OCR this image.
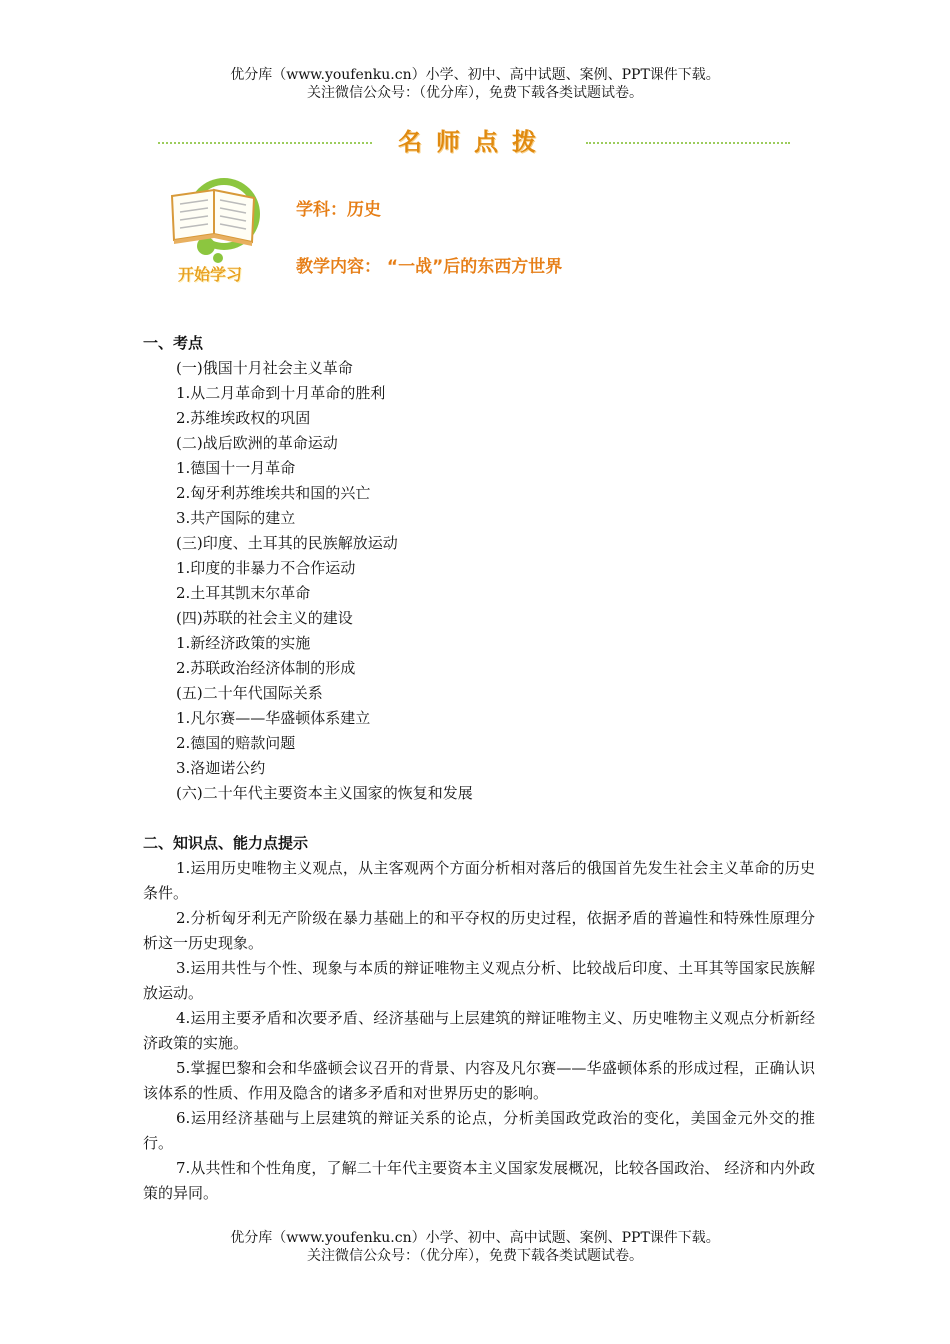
优分库（www.youfenku.cn）小学、初中、高中试题、案例、PPT课件下载。
关注微信公众号：（优分库），免费下载各类试题试卷。
名师点拨
开始学习
学科：历史
教学内容： “一战”后的东西方世界
一、考点
(一)俄国十月社会主义革命
1.从二月革命到十月革命的胜利
2.苏维埃政权的巩固
(二)战后欧洲的革命运动
1.德国十一月革命
2.匈牙利苏维埃共和国的兴亡
3.共产国际的建立
(三)印度、土耳其的民族解放运动
1.印度的非暴力不合作运动
2.土耳其凯末尔革命
(四)苏联的社会主义的建设
1.新经济政策的实施
2.苏联政治经济体制的形成
(五)二十年代国际关系
1.凡尔赛——华盛顿体系建立
2.德国的赔款问题
3.洛迦诺公约
(六)二十年代主要资本主义国家的恢复和发展
二、知识点、能力点提示
1.运用历史唯物主义观点，从主客观两个方面分析相对落后的俄国首先发生社会主义革命的历史条件。
2.分析匈牙利无产阶级在暴力基础上的和平夺权的历史过程，依据矛盾的普遍性和特殊性原理分析这一历史现象。
3.运用共性与个性、现象与本质的辩证唯物主义观点分析、比较战后印度、土耳其等国家民族解放运动。
4.运用主要矛盾和次要矛盾、经济基础与上层建筑的辩证唯物主义、历史唯物主义观点分析新经济政策的实施。
5.掌握巴黎和会和华盛顿会议召开的背景、内容及凡尔赛——华盛顿体系的形成过程，正确认识该体系的性质、作用及隐含的诸多矛盾和对世界历史的影响。
6.运用经济基础与上层建筑的辩证关系的论点，分析美国政党政治的变化，美国金元外交的推行。
7.从共性和个性角度，了解二十年代主要资本主义国家发展概况，比较各国政治、 经济和内外政策的异同。
优分库（www.youfenku.cn）小学、初中、高中试题、案例、PPT课件下载。
关注微信公众号：（优分库），免费下载各类试题试卷。
